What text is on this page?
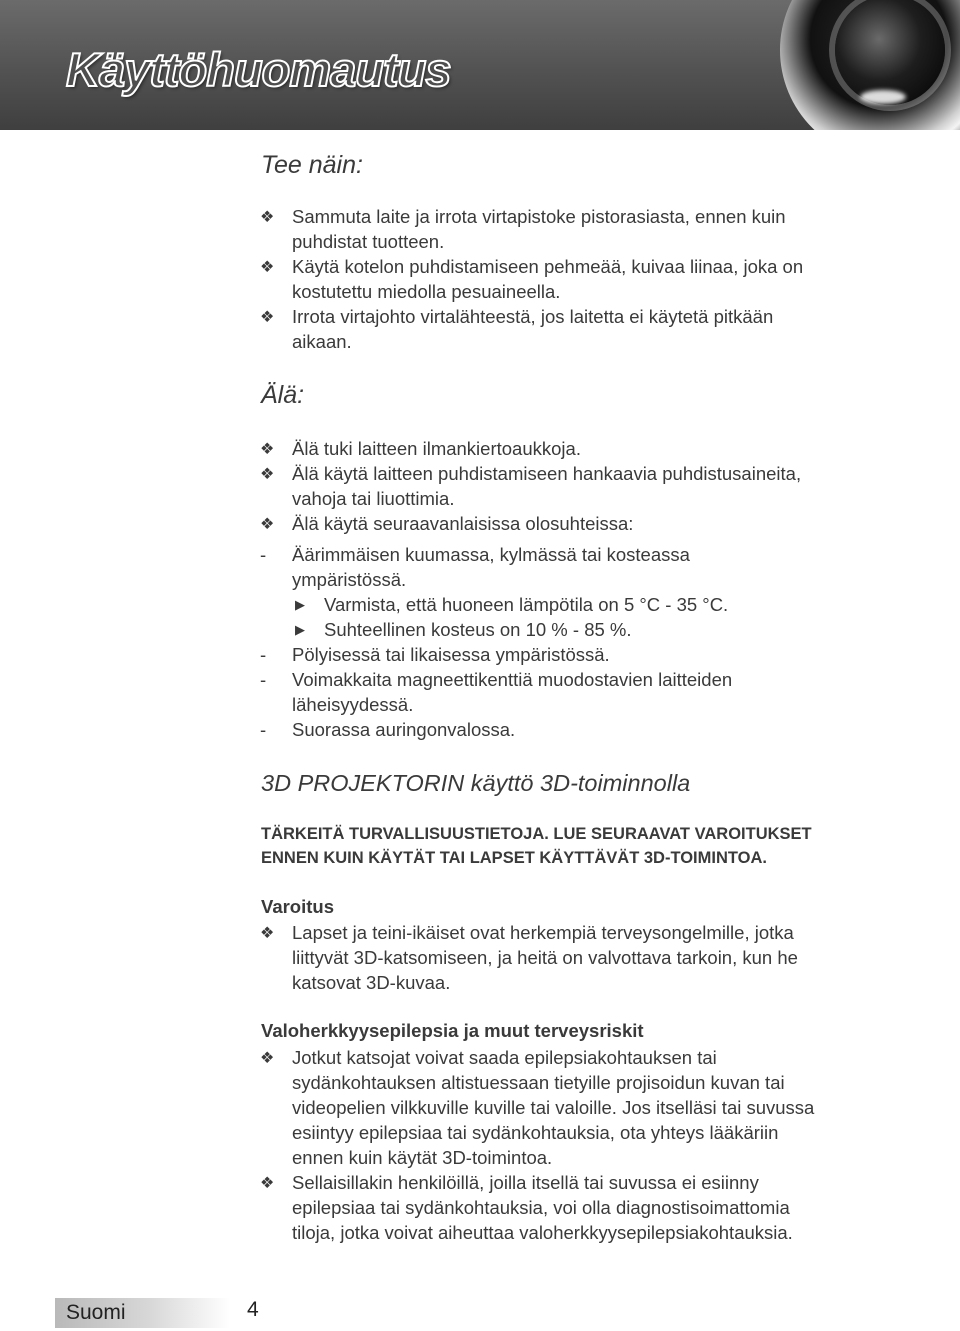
Käyttöhuomautus
Tee näin:
❖ Sammuta laite ja irrota virtapistoke pistorasiasta, ennen kuin
puhdistat tuotteen.
❖ Käytä kotelon puhdistamiseen pehmeää, kuivaa liinaa, joka on
kostutettu miedolla pesuaineella.
❖ Irrota virtajohto virtalähteestä, jos laitetta ei käytetä pitkään
aikaan.
Älä:
❖ Älä tuki laitteen ilmankiertoaukkoja.
❖ Älä käytä laitteen puhdistamiseen hankaavia puhdistusaineita,
vahoja tai liuottimia.
❖ Älä käytä seuraavanlaisissa olosuhteissa:
- Äärimmäisen kuumassa, kylmässä tai kosteassa
ympäristössä.
▶ Varmista, että huoneen lämpötila on 5 °C - 35 °C.
▶ Suhteellinen kosteus on 10 % - 85 %.
- Pölyisessä tai likaisessa ympäristössä.
- Voimakkaita magneettikenttiä muodostavien laitteiden
läheisyydessä.
- Suorassa auringonvalossa.
3D PROJEKTORIN käyttö 3D-toiminnolla

TÄRKEITÄ TURVALLISUUSTIETOJA. LUE SEURAAVAT VAROITUKSET
ENNEN KUIN KÄYTÄT TAI LAPSET KÄYTTÄVÄT 3D-TOIMINTOA.

Varoitus
❖ Lapset ja teini-ikäiset ovat herkempiä terveysongelmille, jotka
liittyvät 3D-katsomiseen, ja heitä on valvottava tarkoin, kun he
katsovat 3D-kuvaa.
Valoherkkyysepilepsia ja muut terveysriskit
❖ Jotkut katsojat voivat saada epilepsiakohtauksen tai
sydänkohtauksen altistuessaan tietyille projisoidun kuvan tai
videopelien vilkkuville kuville tai valoille. Jos itselläsi tai suvussa
esiintyy epilepsiaa tai sydänkohtauksia, ota yhteys lääkäriin
ennen kuin käytät 3D-toimintoa.
❖ Sellaisillakin henkilöillä, joilla itsellä tai suvussa ei esiinny
epilepsiaa tai sydänkohtauksia, voi olla diagnostisoimattomia
tiloja, jotka voivat aiheuttaa valoherkkyysepilepsiakohtauksia.
Suomi	4
